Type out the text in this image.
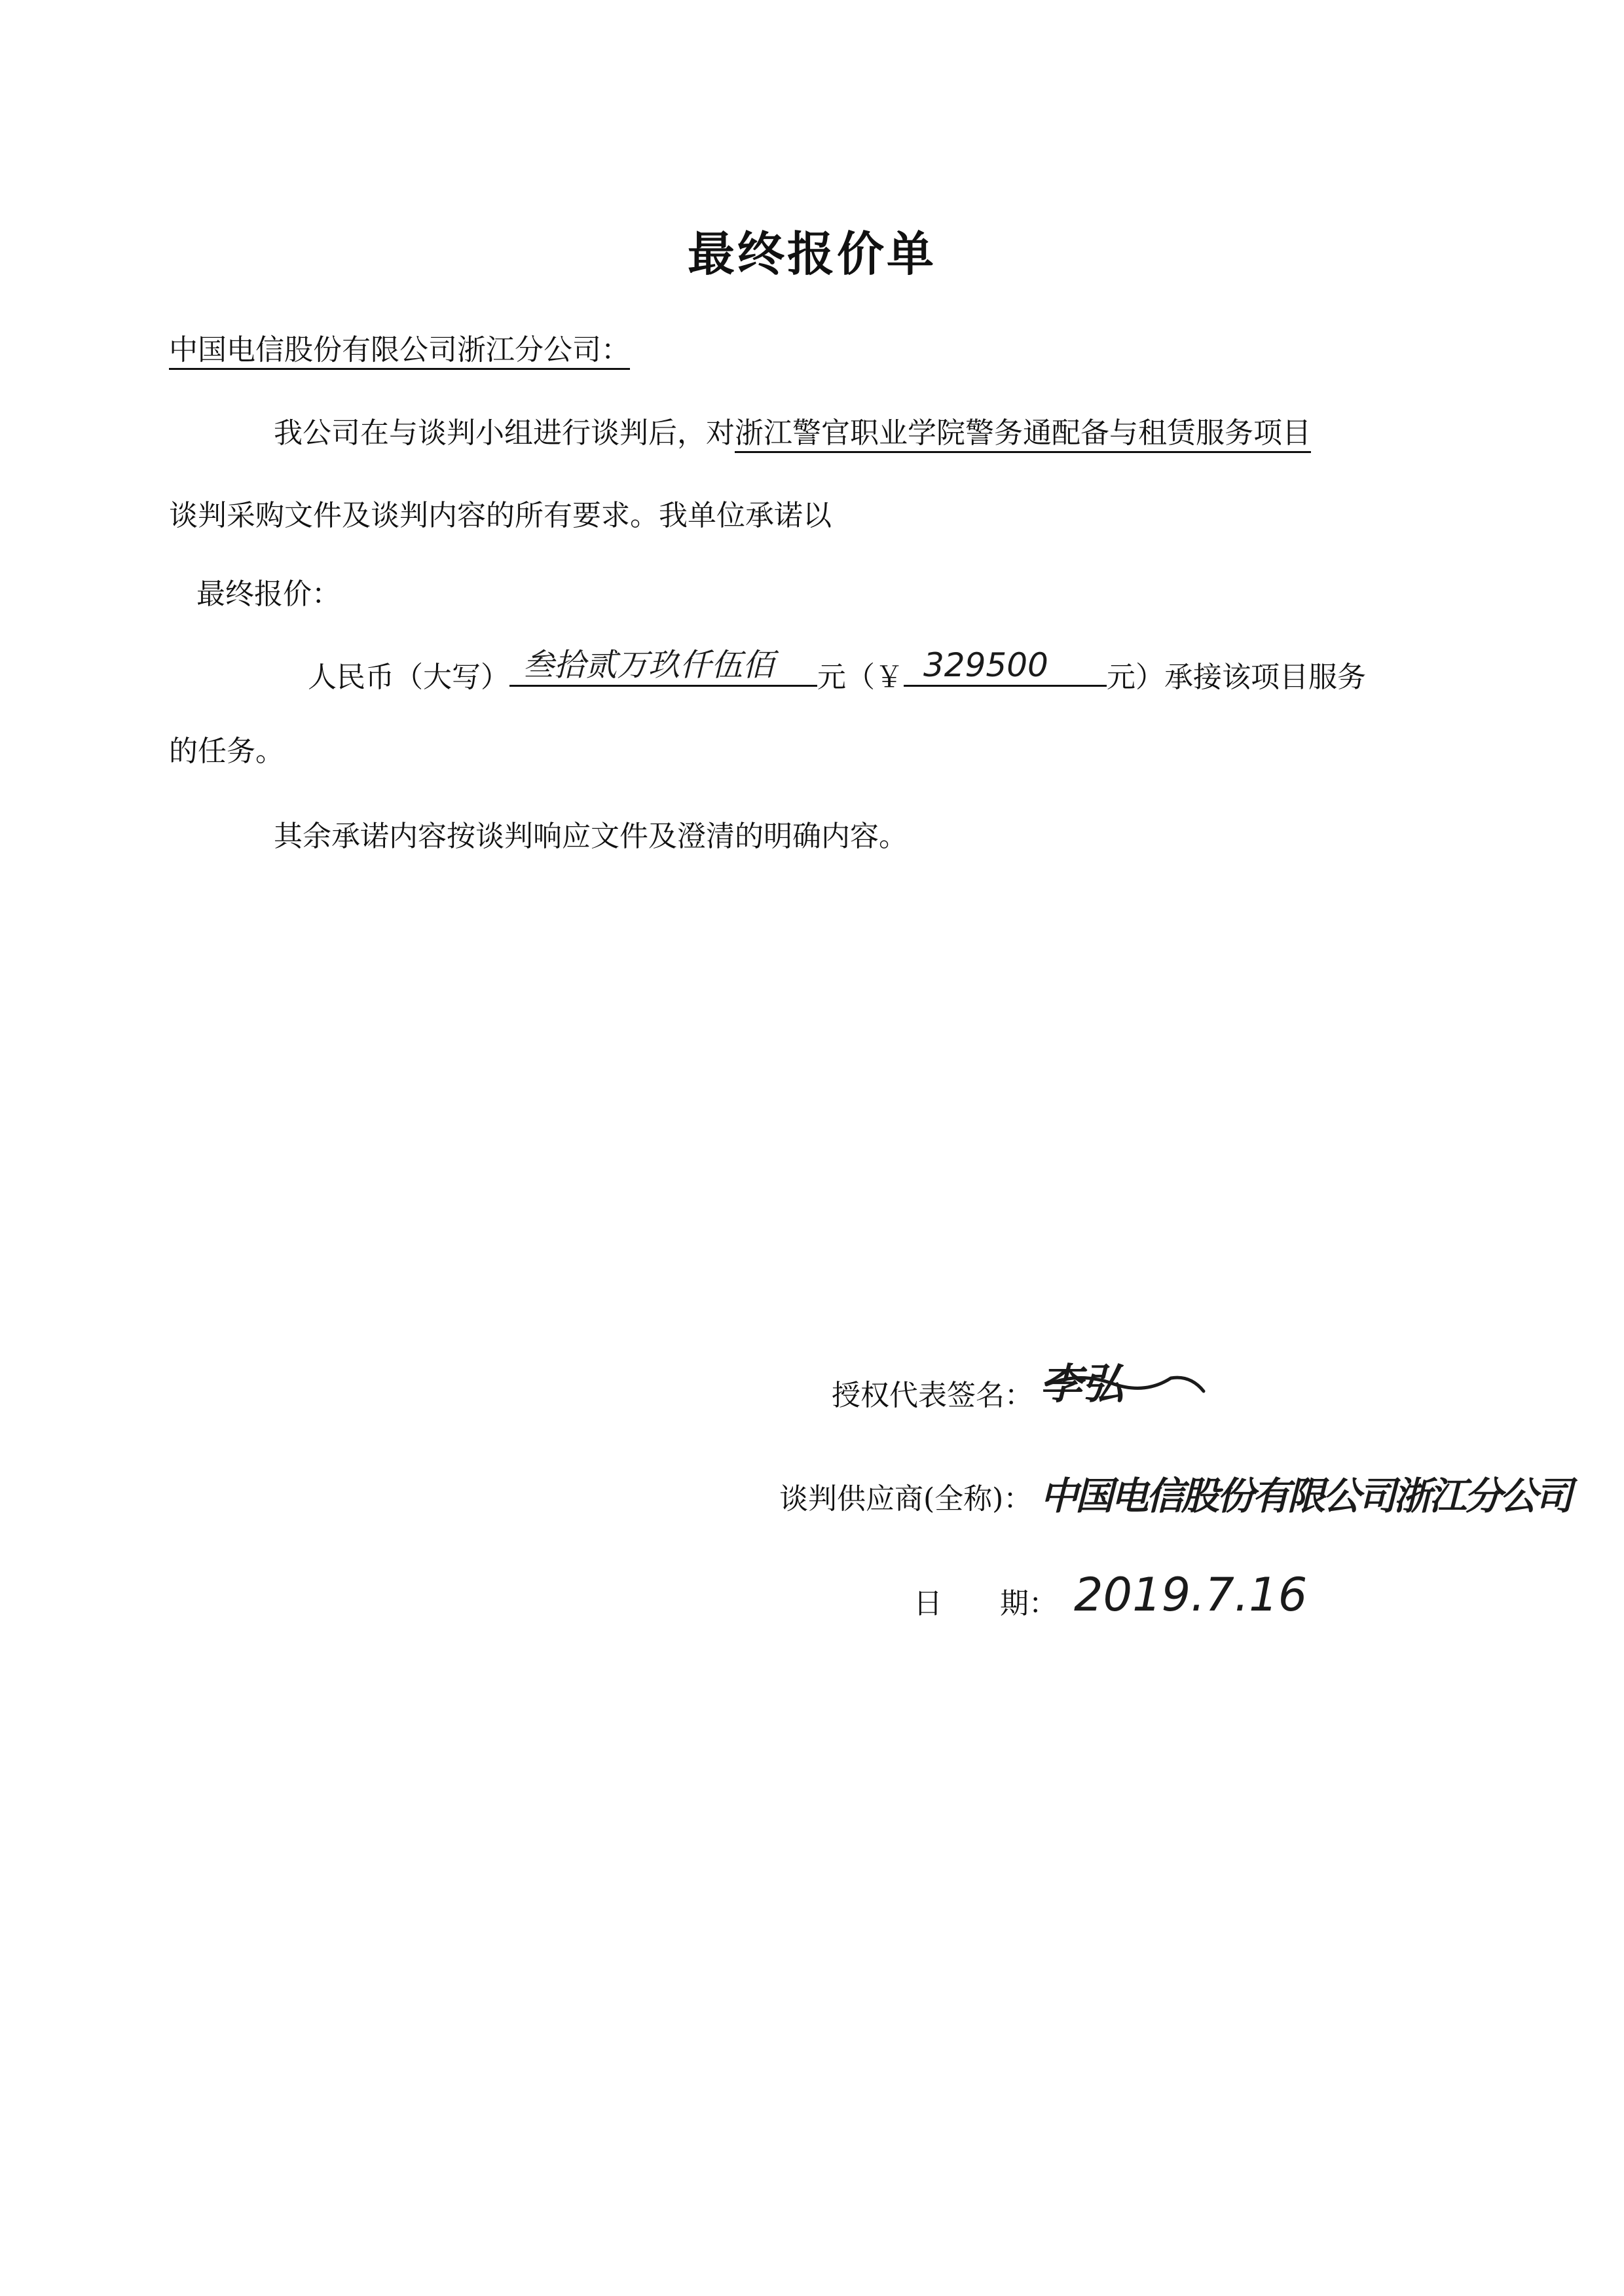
最终报价单
中国电信股份有限公司浙江分公司：
我公司在与谈判小组进行谈判后，对浙江警官职业学院警务通配备与租赁服务项目
谈判采购文件及谈判内容的所有要求。我单位承诺以
最终报价：
人民币（大写） 叁拾贰万玖仟伍佰 元（￥ 329500 元）承接该项目服务
的任务。
其余承诺内容按谈判响应文件及澄清的明确内容。
授权代表签名： 李弘
谈判供应商(全称)： 中国电信股份有限公司浙江分公司
日　　期： 2019.7.16
